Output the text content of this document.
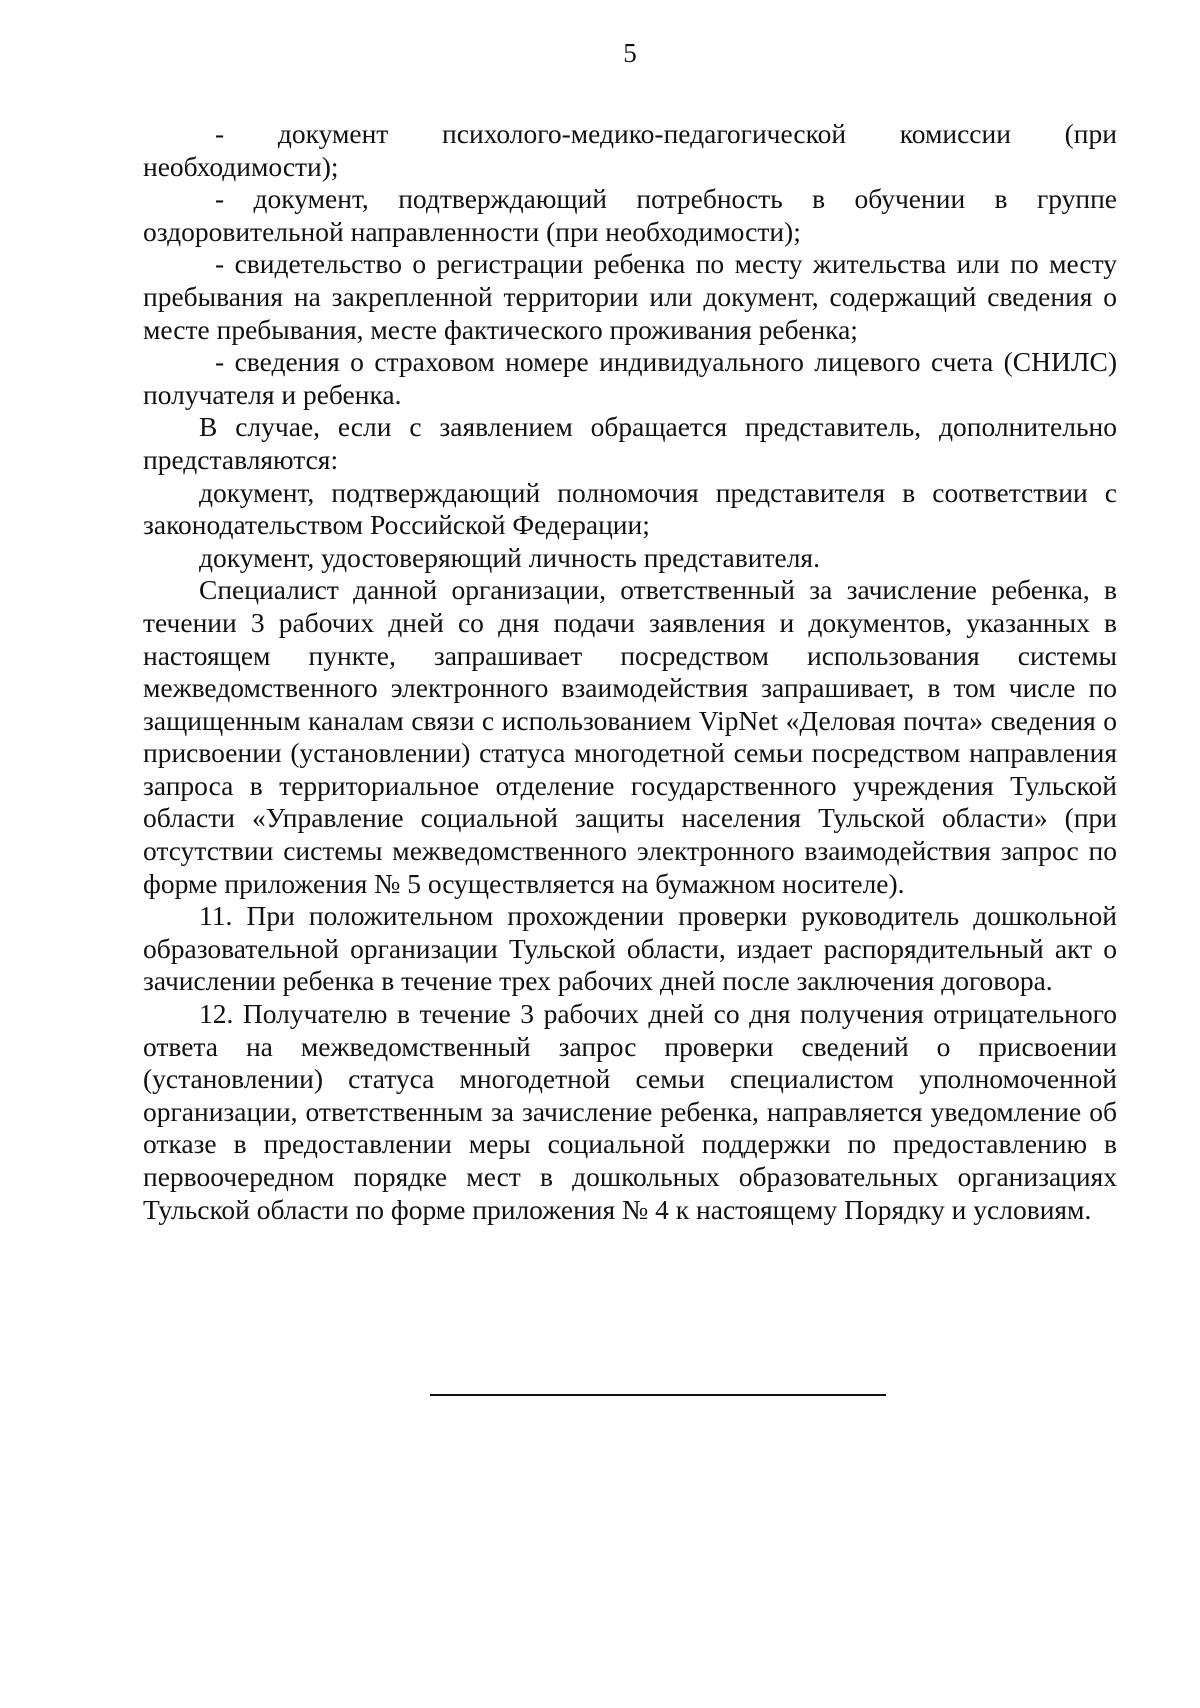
5

- документ психолого-медико-педагогической комиссии (при необходимости);

- документ, подтверждающий потребность в обучении в группе оздоровительной направленности (при необходимости);

- свидетельство о регистрации ребенка по месту жительства или по месту пребывания на закрепленной территории или документ, содержащий сведения о месте пребывания, месте фактического проживания ребенка;

- сведения о страховом номере индивидуального лицевого счета (СНИЛС) получателя и ребенка.

В случае, если с заявлением обращается представитель, дополнительно представляются:

документ, подтверждающий полномочия представителя в соответствии с законодательством Российской Федерации;

документ, удостоверяющий личность представителя.

Специалист данной организации, ответственный за зачисление ребенка, в течении 3 рабочих дней со дня подачи заявления и документов, указанных в настоящем пункте, запрашивает посредством использования системы межведомственного электронного взаимодействия запрашивает, в том числе по защищенным каналам связи с использованием VipNet «Деловая почта» сведения о присвоении (установлении) статуса многодетной семьи посредством направления запроса в территориальное отделение государственного учреждения Тульской области «Управление социальной защиты населения Тульской области» (при отсутствии системы межведомственного электронного взаимодействия запрос по форме приложения № 5 осуществляется на бумажном носителе).

11. При положительном прохождении проверки руководитель дошкольной образовательной организации Тульской области, издает распорядительный акт о зачислении ребенка в течение трех рабочих дней после заключения договора.

12. Получателю в течение 3 рабочих дней со дня получения отрицательного ответа на межведомственный запрос проверки сведений о присвоении (установлении) статуса многодетной семьи специалистом уполномоченной организации, ответственным за зачисление ребенка, направляется уведомление об отказе в предоставлении меры социальной поддержки по предоставлению в первоочередном порядке мест в дошкольных образовательных организациях Тульской области по форме приложения № 4 к настоящему Порядку и условиям.
